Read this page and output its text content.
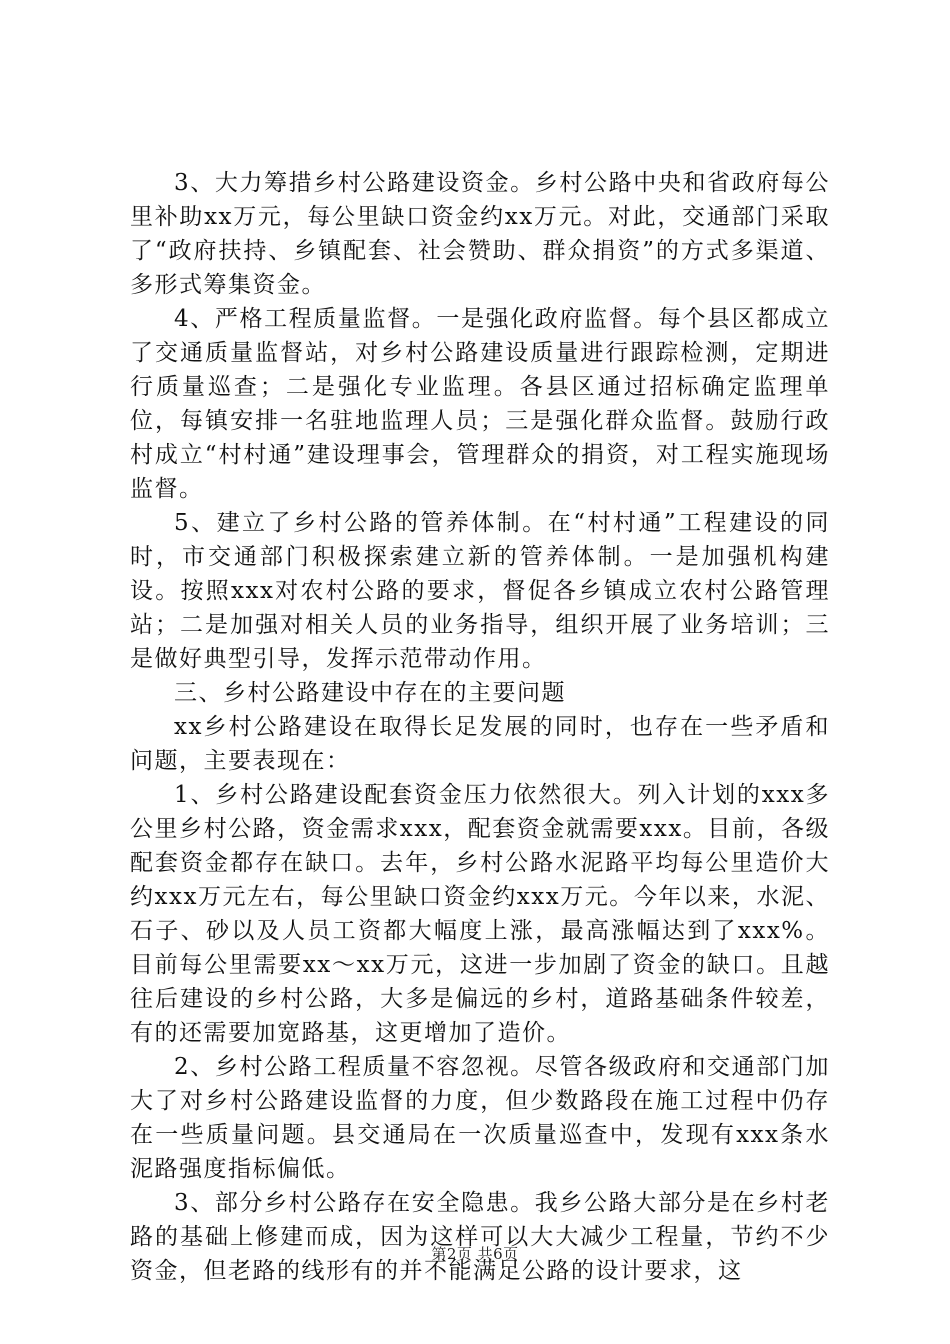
3、大力筹措乡村公路建设资金。乡村公路中央和省政府每公里补助xx万元，每公里缺口资金约xx万元。对此，交通部门采取了“政府扶持、乡镇配套、社会赞助、群众捐资”的方式多渠道、多形式筹集资金。

4、严格工程质量监督。一是强化政府监督。每个县区都成立了交通质量监督站，对乡村公路建设质量进行跟踪检测，定期进行质量巡查；二是强化专业监理。各县区通过招标确定监理单位，每镇安排一名驻地监理人员；三是强化群众监督。鼓励行政村成立“村村通”建设理事会，管理群众的捐资，对工程实施现场监督。

5、建立了乡村公路的管养体制。在“村村通”工程建设的同时，市交通部门积极探索建立新的管养体制。一是加强机构建设。按照xxx对农村公路的要求，督促各乡镇成立农村公路管理站；二是加强对相关人员的业务指导，组织开展了业务培训；三是做好典型引导，发挥示范带动作用。

三、乡村公路建设中存在的主要问题

xx乡村公路建设在取得长足发展的同时，也存在一些矛盾和问题，主要表现在：

1、乡村公路建设配套资金压力依然很大。列入计划的xxx多公里乡村公路，资金需求xxx，配套资金就需要xxx。目前，各级配套资金都存在缺口。去年，乡村公路水泥路平均每公里造价大约xxx万元左右，每公里缺口资金约xxx万元。今年以来，水泥、石子、砂以及人员工资都大幅度上涨，最高涨幅达到了xxx%。目前每公里需要xx～xx万元，这进一步加剧了资金的缺口。且越往后建设的乡村公路，大多是偏远的乡村，道路基础条件较差，有的还需要加宽路基，这更增加了造价。

2、乡村公路工程质量不容忽视。尽管各级政府和交通部门加大了对乡村公路建设监督的力度，但少数路段在施工过程中仍存在一些质量问题。县交通局在一次质量巡查中，发现有xxx条水泥路强度指标偏低。

3、部分乡村公路存在安全隐患。我乡公路大部分是在乡村老路的基础上修建而成，因为这样可以大大减少工程量，节约不少资金，但老路的线形有的并不能满足公路的设计要求，这

第2页 共6页
